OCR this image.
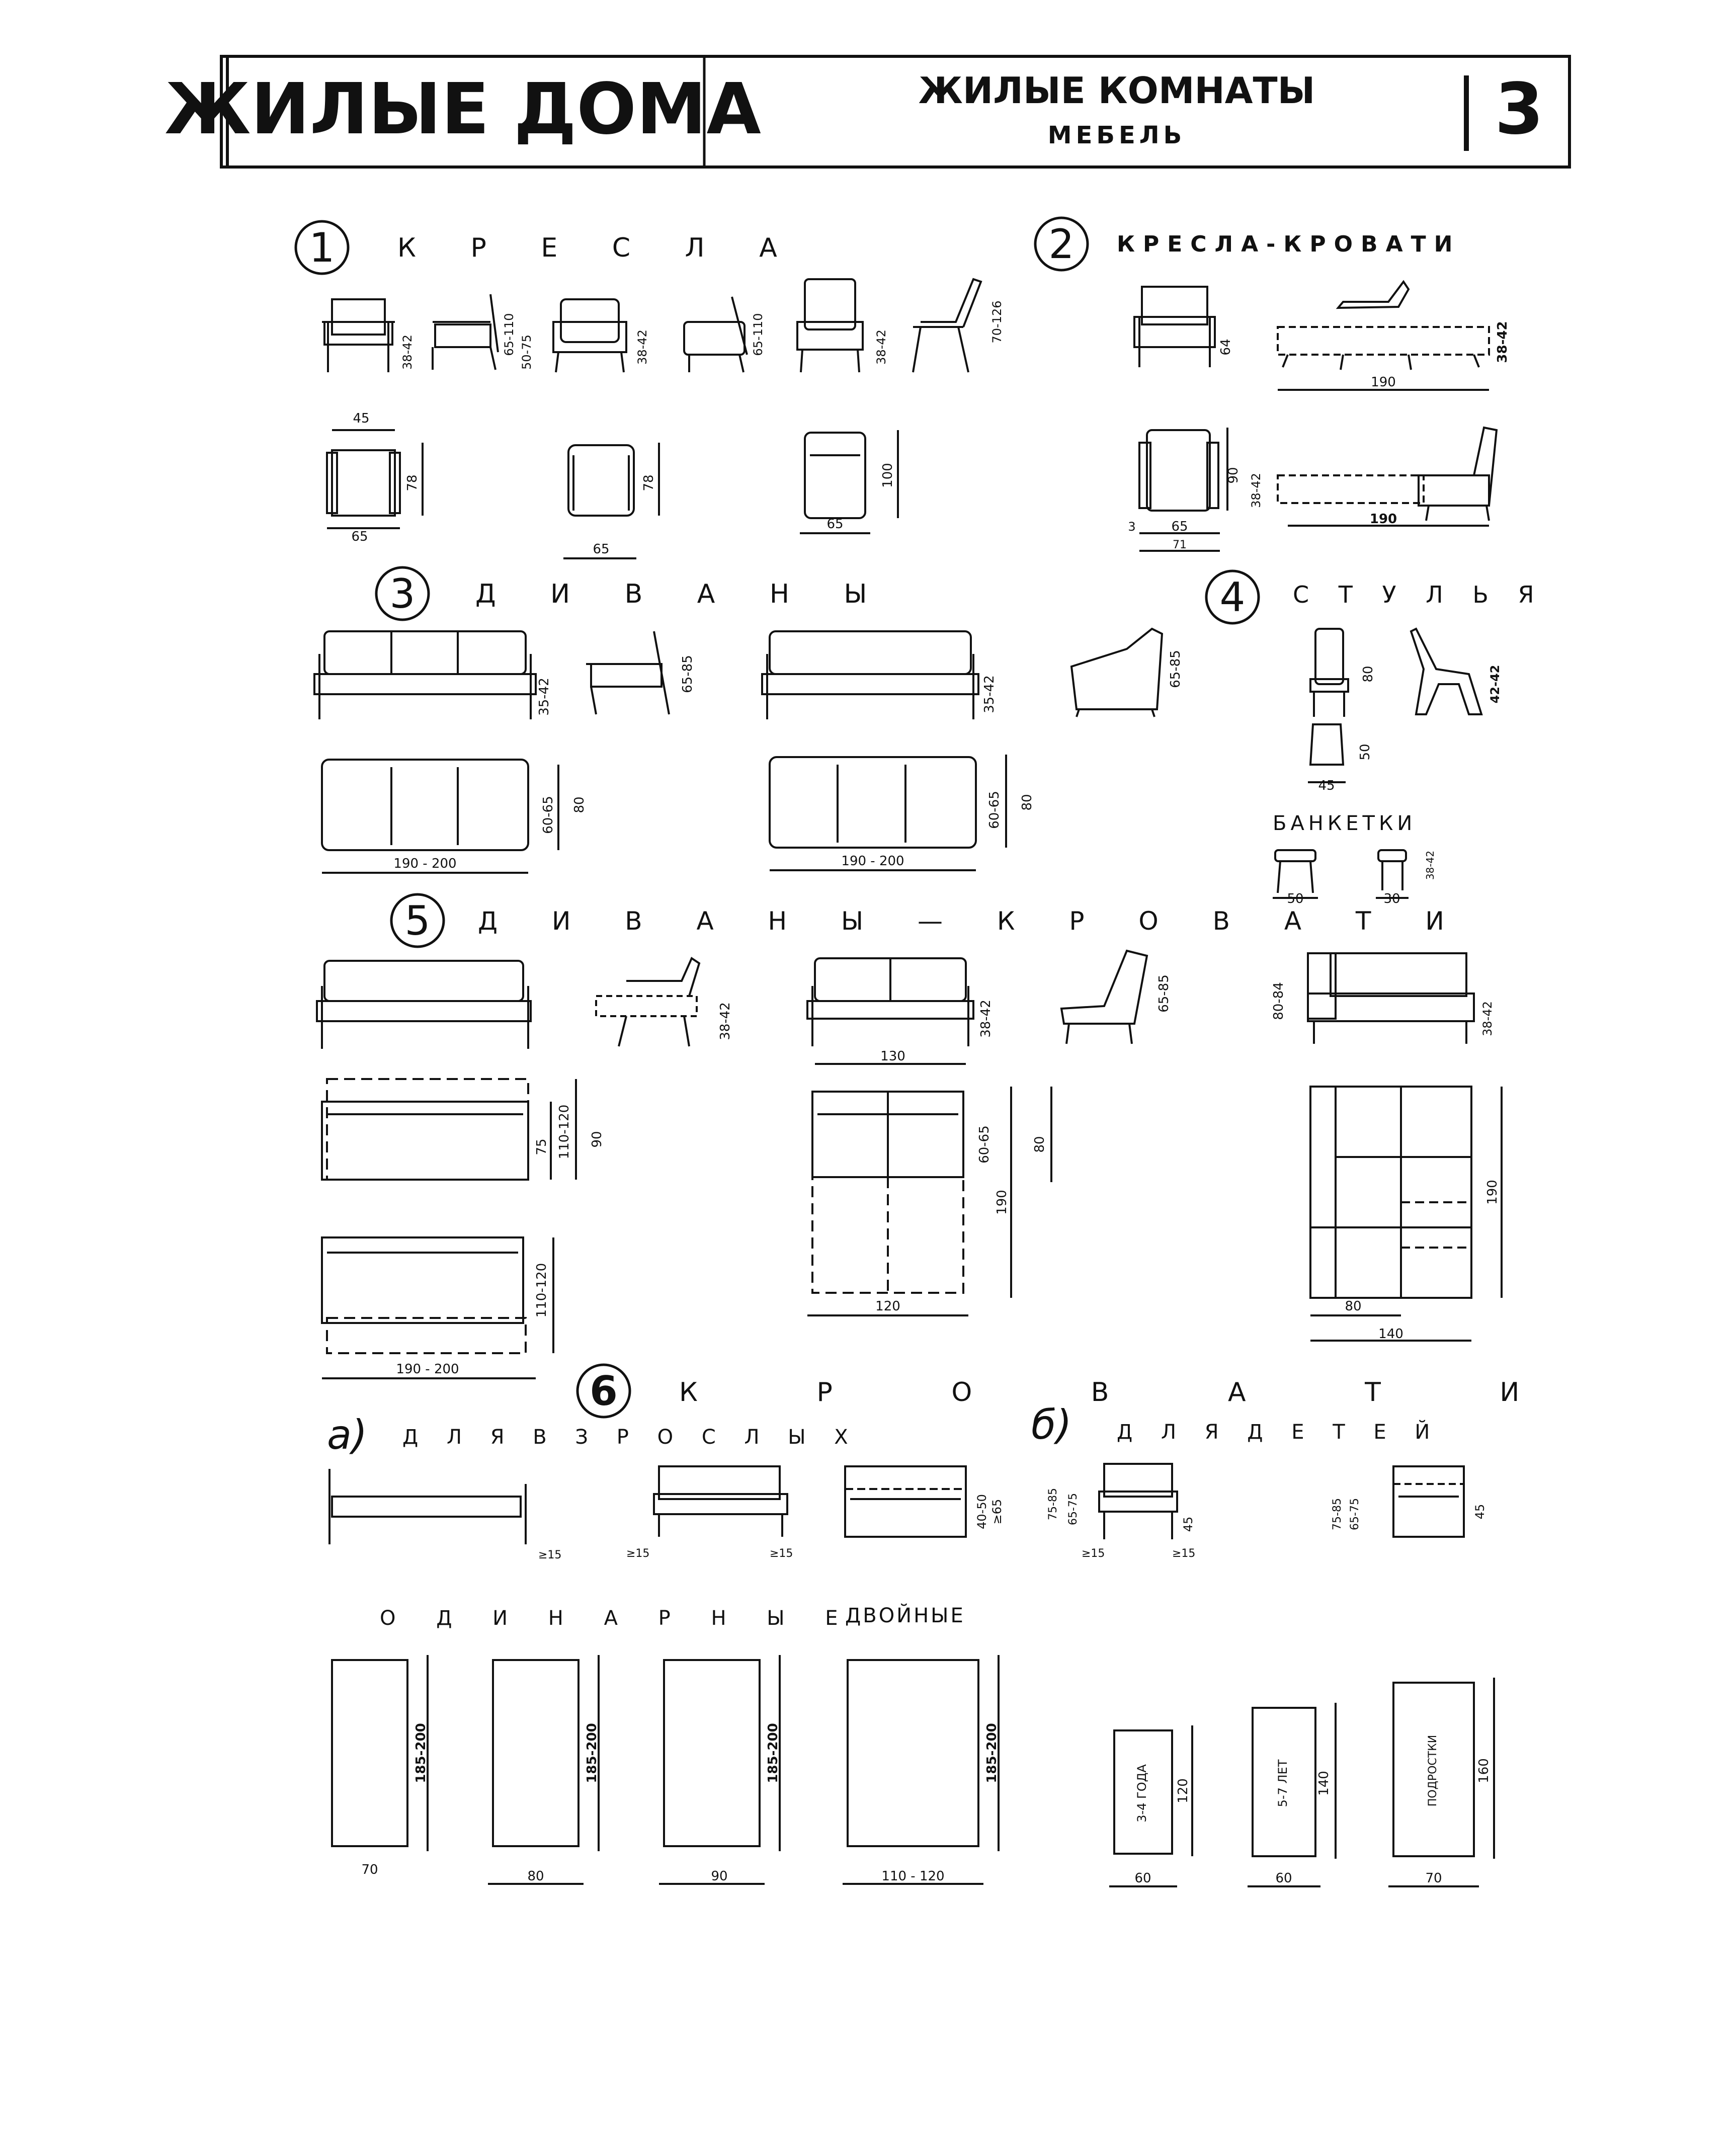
ЖИЛЫЕ ДОМА	ЖИЛЫЕ КОМНАТЫ
МЕБЕЛЬ	3
1 К Р Е С Л А
38-42	65-110 50-75	38-42	65-110	38-42
70-126
45
78
65
78
65
100
65
2 КРЕСЛА-КРОВАТИ
64	38-42
190
90
65
3
71
38-42
190
3 Д И В А Н Ы
35-42
65-85
35-42
65-85
60-65 80
190 - 200
60-65 80
190 - 200
4 С Т У Л Ь Я
80	42-42
50
45
БАНКЕТКИ
50	30
38-42
5 Д И В А Н Ы — К Р О В А Т И
38-42	38-42
130
65-85	80-84	38-42
75 110-120 90	60-65	80
190
120
110-120
190 - 200
190
80
140
6 К Р О В А Т И
а) Д Л Я В З Р О С Л Ы Х	б) Д Л Я Д Е Т Е Й
≥15	≥15	≥15
40-50 ≥65	75-85 65-75	45
≥15	≥15
75-85 65-75	45
О Д И Н А Р Н Ы Е
ДВОЙНЫЕ
185-200
70
185-200
80
185-200
90
185-200
110 - 120
3-4 ГОДА 120
60
5-7 ЛЕТ 140
60
ПОДРОСТКИ	160
70
